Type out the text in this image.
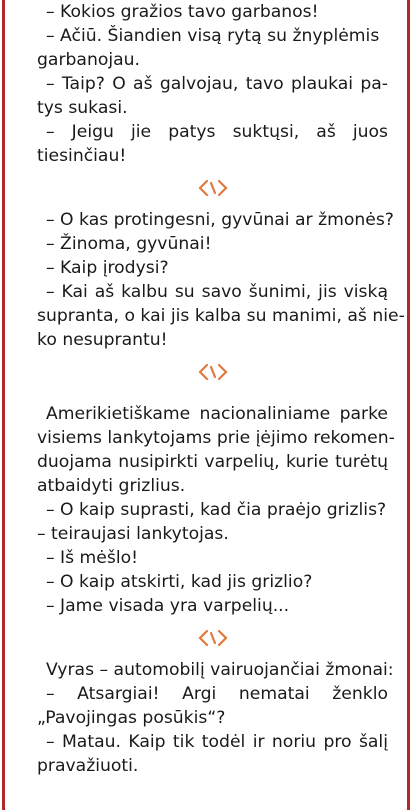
– Kokios gražios tavo garbanos!
– Ačiū. Šiandien visą rytą su žnyplėmis
garbanojau.
– Taip? O aš galvojau, tavo plaukai pa-
tys sukasi.
– Jeigu jie patys suktųsi, aš juos
tiesinčiau!
– O kas protingesni, gyvūnai ar žmonės?
– Žinoma, gyvūnai!
– Kaip įrodysi?
– Kai aš kalbu su savo šunimi, jis viską
supranta, o kai jis kalba su manimi, aš nie-
ko nesuprantu!
Amerikietiškame nacionaliniame parke
visiems lankytojams prie įėjimo rekomen-
duojama nusipirkti varpelių, kurie turėtų
atbaidyti grizlius.
– O kaip suprasti, kad čia praėjo grizlis?
– teiraujasi lankytojas.
– Iš mėšlo!
– O kaip atskirti, kad jis grizlio?
– Jame visada yra varpelių...
Vyras – automobilį vairuojančiai žmonai:
– Atsargiai! Argi nematai ženklo
„Pavojingas posūkis“?
– Matau. Kaip tik todėl ir noriu pro šalį
pravažiuoti.
